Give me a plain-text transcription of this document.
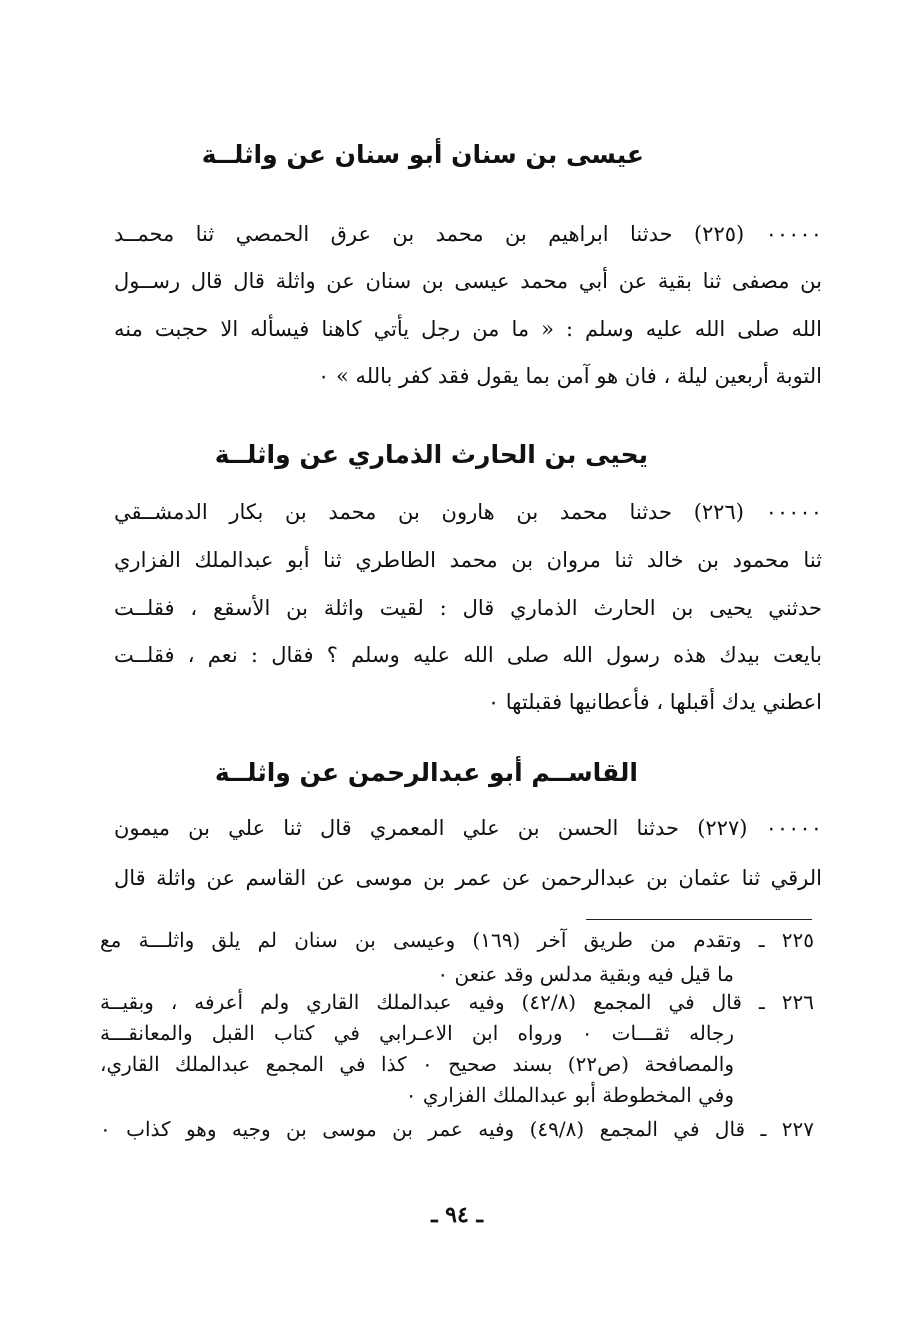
عيسى بن سنان أبو سنان عن واثلــة
٠٠٠٠٠ (٢٢٥) حدثنا ابراهيم بن محمد بن عرق الحمصي ثنا محمــد
بن مصفى ثنا بقية عن أبي محمد عيسى بن سنان عن واثلة قال قال رســول
الله صلى الله عليه وسلم : « ما من رجل يأتي كاهنا فيسأله الا حجبت منه
التوبة أربعين ليلة ، فان هو آمن بما يقول فقد كفر بالله » ٠
يحيى بن الحارث الذماري عن واثلــة
٠٠٠٠٠ (٢٢٦) حدثنا محمد بن هارون بن محمد بن بكار الدمشــقي
ثنا محمود بن خالد ثنا مروان بن محمد الطاطري ثنا أبو عبدالملك الفزاري
حدثني يحيى بن الحارث الذماري قال : لقيت واثلة بن الأسقع ، فقلــت
بايعت بيدك هذه رسول الله صلى الله عليه وسلم ؟ فقال : نعم ، فقلــت
اعطني يدك أقبلها ، فأعطانيها فقبلتها ٠
القاســم أبو عبدالرحمن عن واثلــة
٠٠٠٠٠ (٢٢٧) حدثنا الحسن بن علي المعمري قال ثنا علي بن ميمون
الرقي ثنا عثمان بن عبدالرحمن عن عمر بن موسى عن القاسم عن واثلة قال
٢٢٥ ـ وتقدم من طريق آخر (١٦٩) وعيسى بن سنان لم يلق واثلـــة مع
ما قيل فيه وبقية مدلس وقد عنعن ٠
٢٢٦ ـ قال في المجمع (٤٢/٨) وفيه عبدالملك القاري ولم أعرفه ، وبقيــة
رجاله ثقـــات ٠ ورواه ابن الاعـرابي في كتاب القبل والمعانقـــة
والمصافحة (ص٢٢) بسند صحيح ٠ كذا في المجمع عبدالملك القاري،
وفي المخطوطة أبو عبدالملك الفزاري ٠
٢٢٧ ـ قال في المجمع (٤٩/٨) وفيه عمر بن موسى بن وجيه وهو كذاب ٠
ـ ٩٤ ـ
